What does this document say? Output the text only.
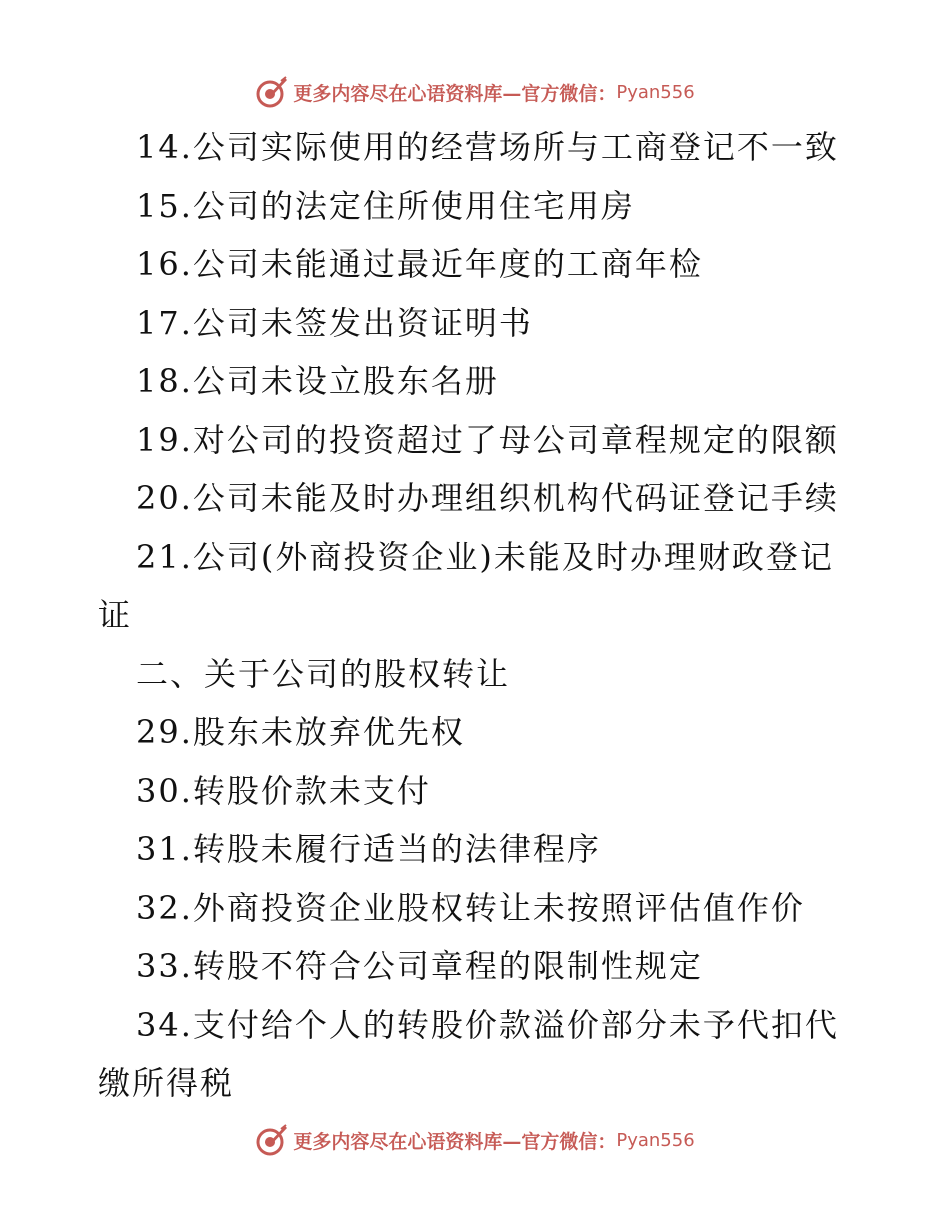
更多内容尽在心语资料库—官方微信： Pyan556

14.公司实际使用的经营场所与工商登记不一致

15.公司的法定住所使用住宅用房

16.公司未能通过最近年度的工商年检

17.公司未签发出资证明书

18.公司未设立股东名册

19.对公司的投资超过了母公司章程规定的限额

20.公司未能及时办理组织机构代码证登记手续

21.公司(外商投资企业)未能及时办理财政登记

证

二、关于公司的股权转让

29.股东未放弃优先权

30.转股价款未支付

31.转股未履行适当的法律程序

32.外商投资企业股权转让未按照评估值作价

33.转股不符合公司章程的限制性规定

34.支付给个人的转股价款溢价部分未予代扣代

缴所得税

更多内容尽在心语资料库—官方微信： Pyan556
